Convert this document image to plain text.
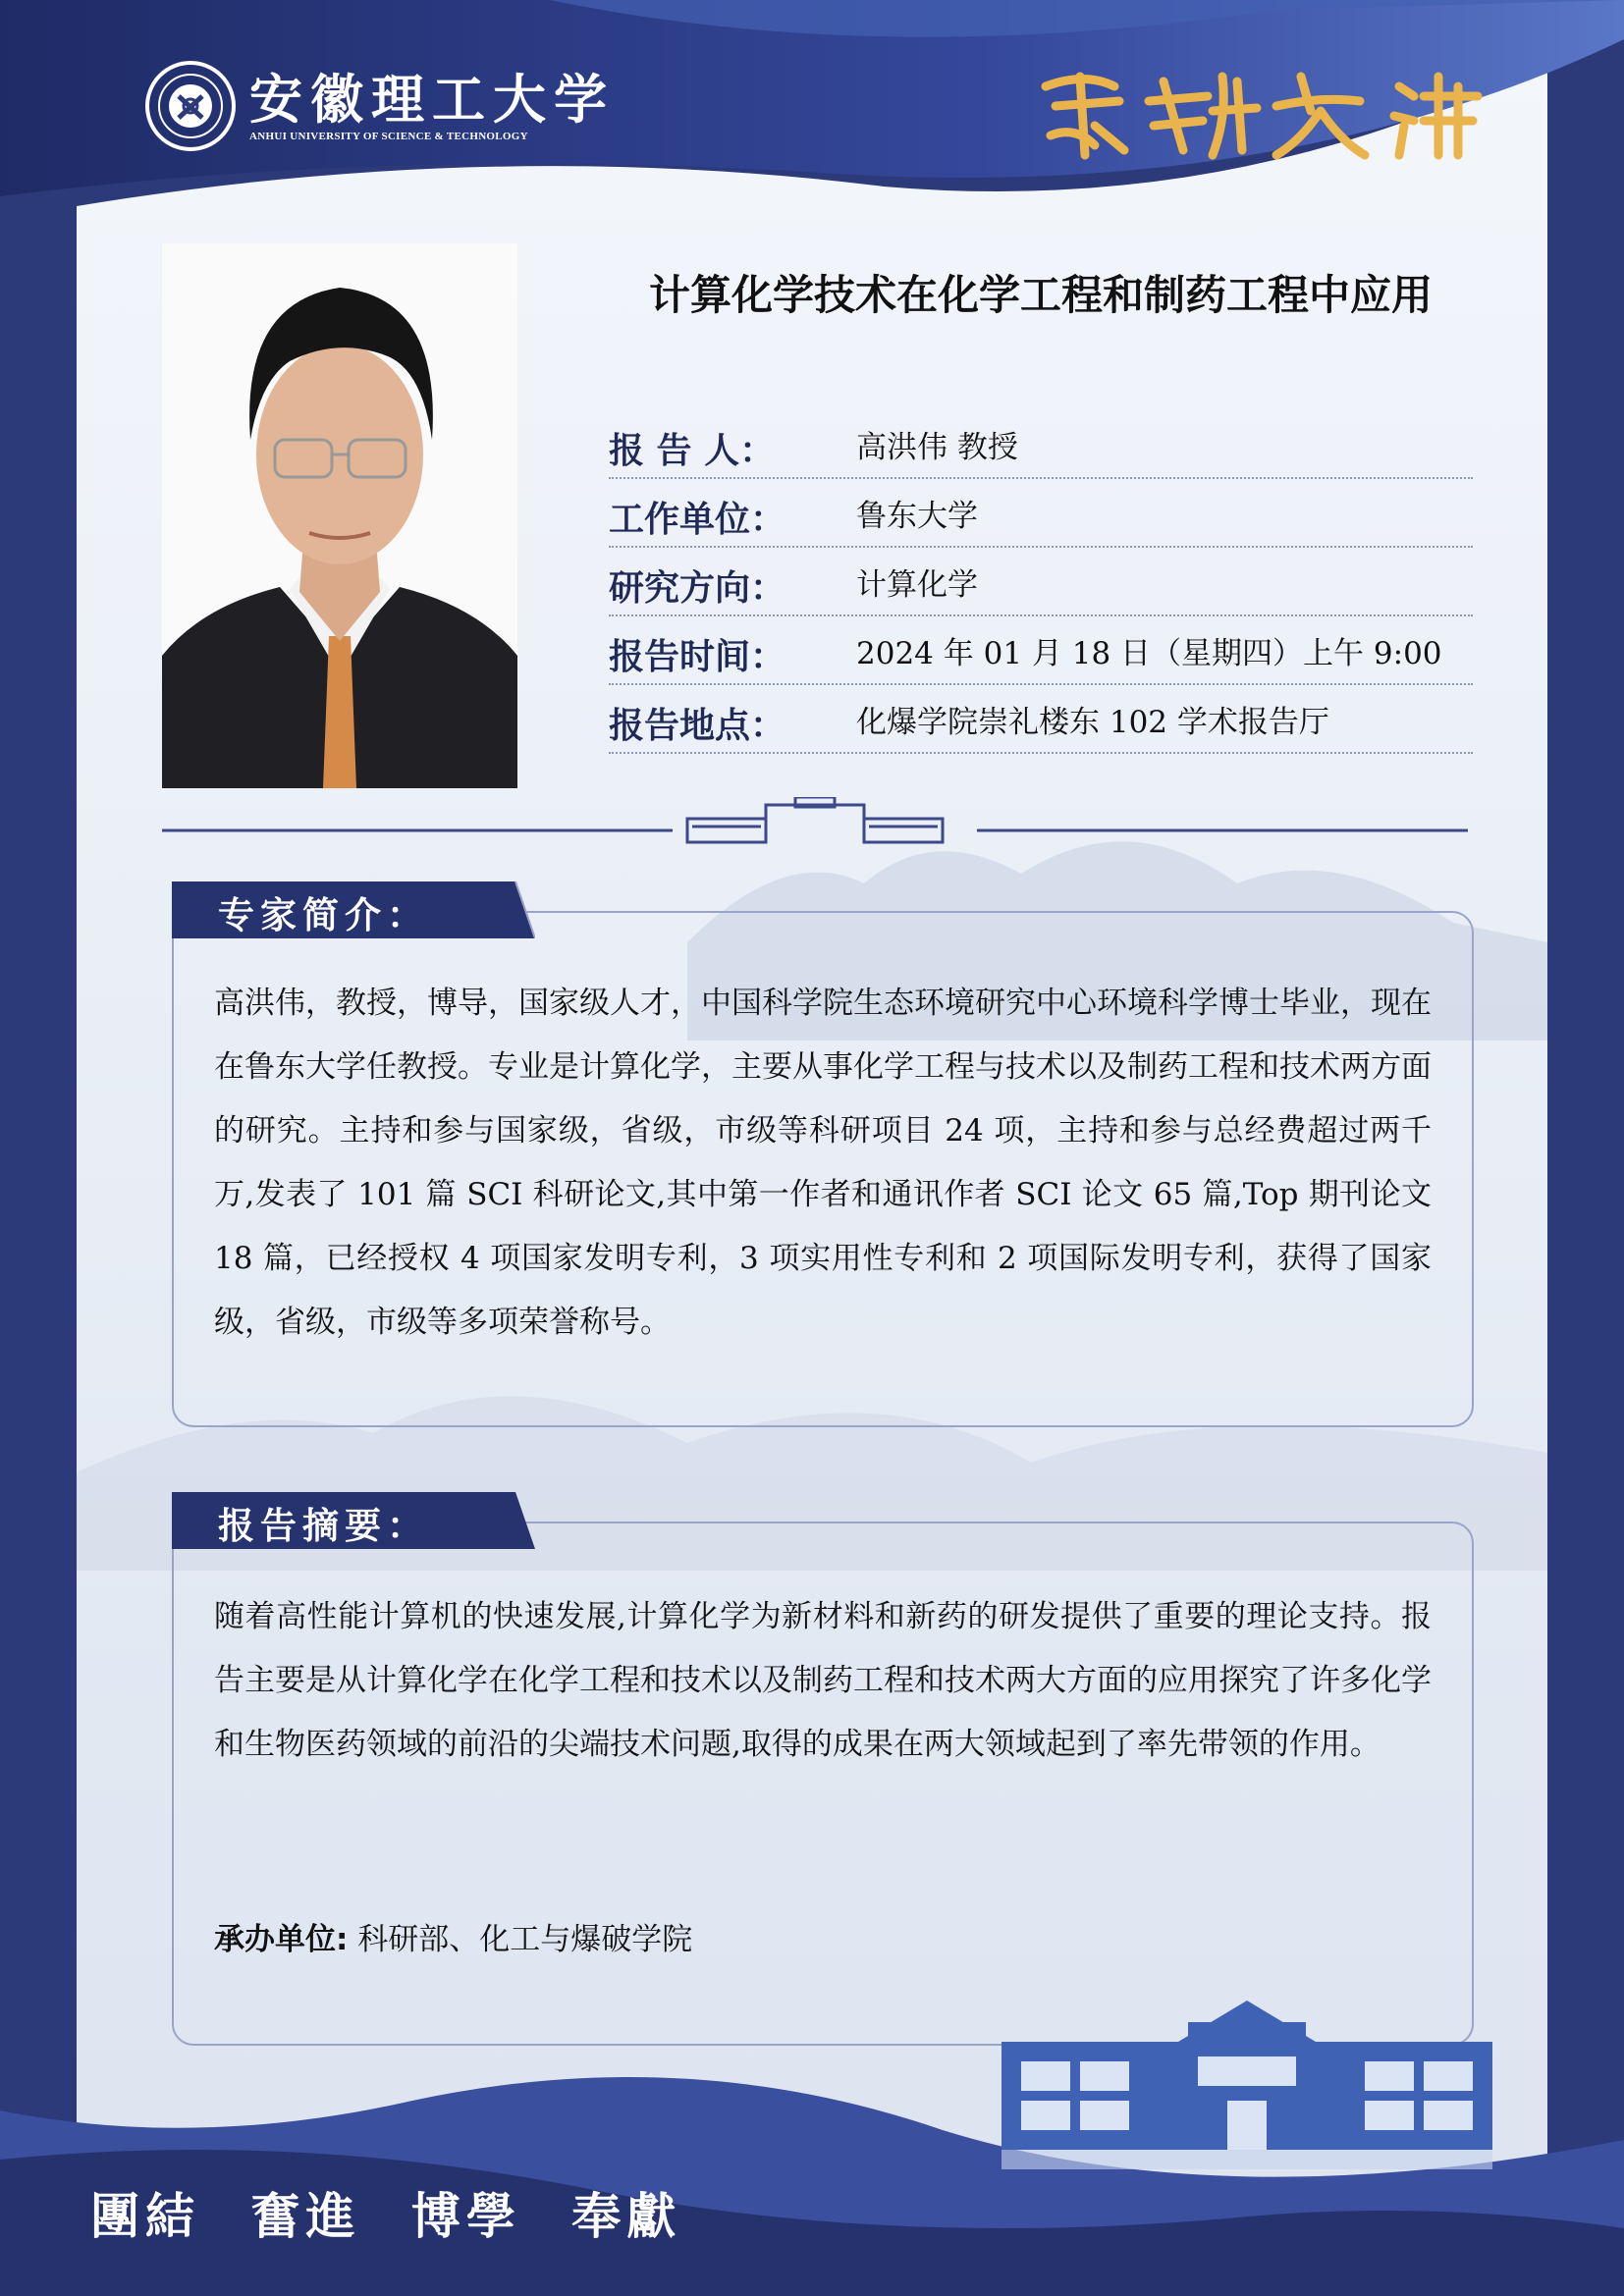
安徽理工大学
ANHUI UNIVERSITY OF SCIENCE & TECHNOLOGY
计算化学技术在化学工程和制药工程中应用
报 告 人：	高洪伟 教授
工作单位： 鲁东大学
研究方向： 计算化学
报告时间： 2024 年 01 月 18 日（星期四）上午 9:00
报告地点： 化爆学院崇礼楼东 102 学术报告厅
专家简介：
高洪伟，教授，博导，国家级人才，中国科学院生态环境研究中心环境科学博士毕业，现在在鲁东大学任教授。专业是计算化学，主要从事化学工程与技术以及制药工程和技术两方面的研究。主持和参与国家级，省级，市级等科研项目 24 项，主持和参与总经费超过两千万,发表了 101 篇 SCI 科研论文,其中第一作者和通讯作者 SCI 论文 65 篇,Top 期刊论文 18 篇，已经授权 4 项国家发明专利，3 项实用性专利和 2 项国际发明专利，获得了国家级，省级，市级等多项荣誉称号。
报告摘要：
随着高性能计算机的快速发展,计算化学为新材料和新药的研发提供了重要的理论支持。报告主要是从计算化学在化学工程和技术以及制药工程和技术两大方面的应用探究了许多化学和生物医药领域的前沿的尖端技术问题,取得的成果在两大领域起到了率先带领的作用。
承办单位: 科研部、化工与爆破学院
團結 奮進 博學 奉獻
